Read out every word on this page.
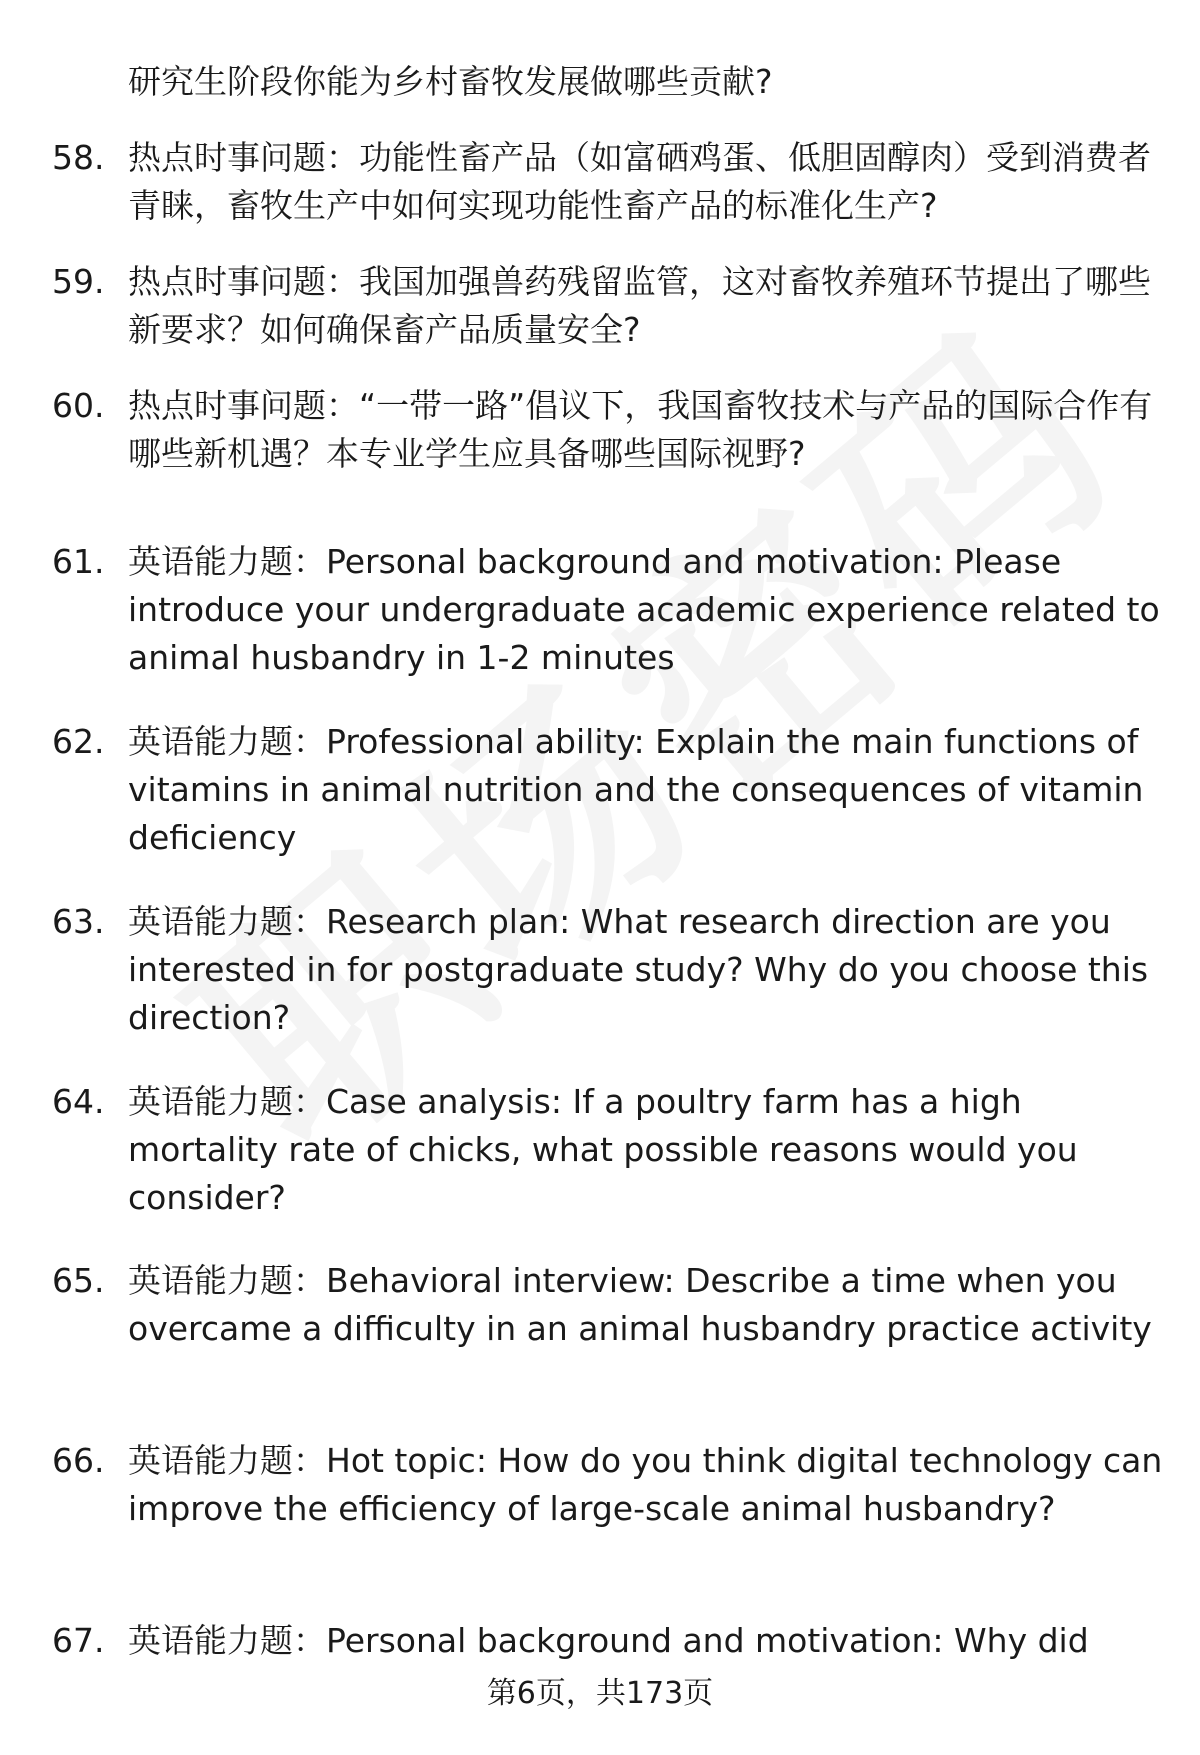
研究生阶段你能为乡村畜牧发展做哪些贡献?
58. 热点时事问题：功能性畜产品（如富硒鸡蛋、低胆固醇肉）受到消费者青睐，畜牧生产中如何实现功能性畜产品的标准化生产?
59. 热点时事问题：我国加强兽药残留监管，这对畜牧养殖环节提出了哪些新要求？如何确保畜产品质量安全?
60. 热点时事问题：“一带一路”倡议下，我国畜牧技术与产品的国际合作有哪些新机遇？本专业学生应具备哪些国际视野?
61. 英语能力题：Personal background and motivation: Please introduce your undergraduate academic experience related to animal husbandry in 1-2 minutes
62. 英语能力题：Professional ability: Explain the main functions of vitamins in animal nutrition and the consequences of vitamin deficiency
63. 英语能力题：Research plan: What research direction are you interested in for postgraduate study? Why do you choose this direction?
64. 英语能力题：Case analysis: If a poultry farm has a high mortality rate of chicks, what possible reasons would you consider?
65. 英语能力题：Behavioral interview: Describe a time when you overcame a difficulty in an animal husbandry practice activity
66. 英语能力题：Hot topic: How do you think digital technology can improve the efficiency of large-scale animal husbandry?
67. 英语能力题：Personal background and motivation: Why did
第6页，共173页
